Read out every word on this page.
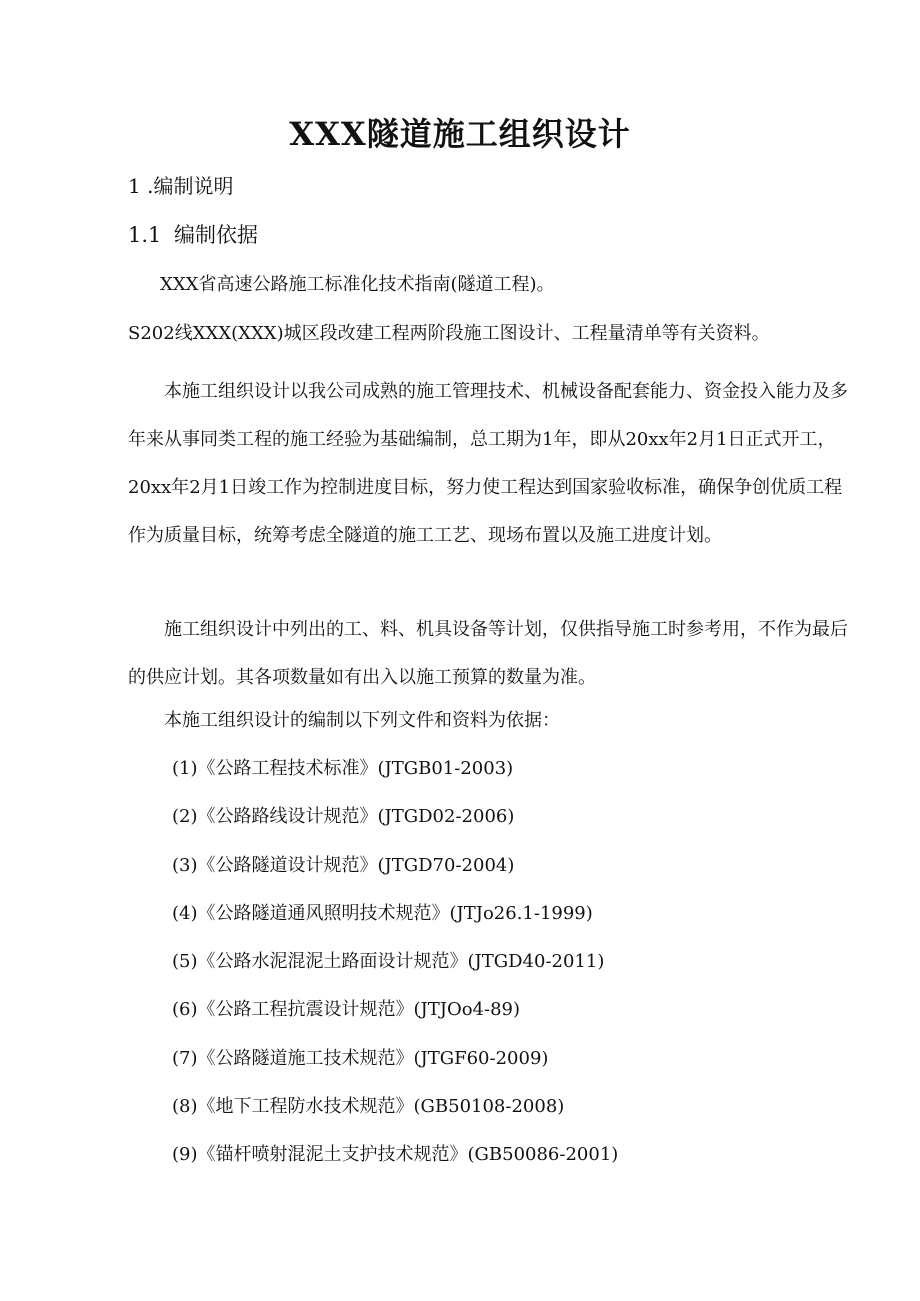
XXX隧道施工组织设计
1 .编制说明
1.1 编制依据

XXX省高速公路施工标准化技术指南(隧道工程)。

S202线XXX(XXX)城区段改建工程两阶段施工图设计、工程量清单等有关资料。

本施工组织设计以我公司成熟的施工管理技术、机械设备配套能力、资金投入能力及多年来从事同类工程的施工经验为基础编制，总工期为1年，即从20xx年2月1日正式开工，20xx年2月1日竣工作为控制进度目标，努力使工程达到国家验收标准，确保争创优质工程作为质量目标，统筹考虑全隧道的施工工艺、现场布置以及施工进度计划。

施工组织设计中列出的工、料、机具设备等计划，仅供指导施工时参考用，不作为最后的供应计划。其各项数量如有出入以施工预算的数量为准。

本施工组织设计的编制以下列文件和资料为依据：

(1)《公路工程技术标准》(JTGB01-2003)
(2)《公路路线设计规范》(JTGD02-2006)
(3)《公路隧道设计规范》(JTGD70-2004)
(4)《公路隧道通风照明技术规范》(JTJo26.1-1999)
(5)《公路水泥混泥土路面设计规范》(JTGD40-2011)
(6)《公路工程抗震设计规范》(JTJOo4-89)
(7)《公路隧道施工技术规范》(JTGF60-2009)
(8)《地下工程防水技术规范》(GB50108-2008)
(9)《锚杆喷射混泥土支护技术规范》(GB50086-2001)
